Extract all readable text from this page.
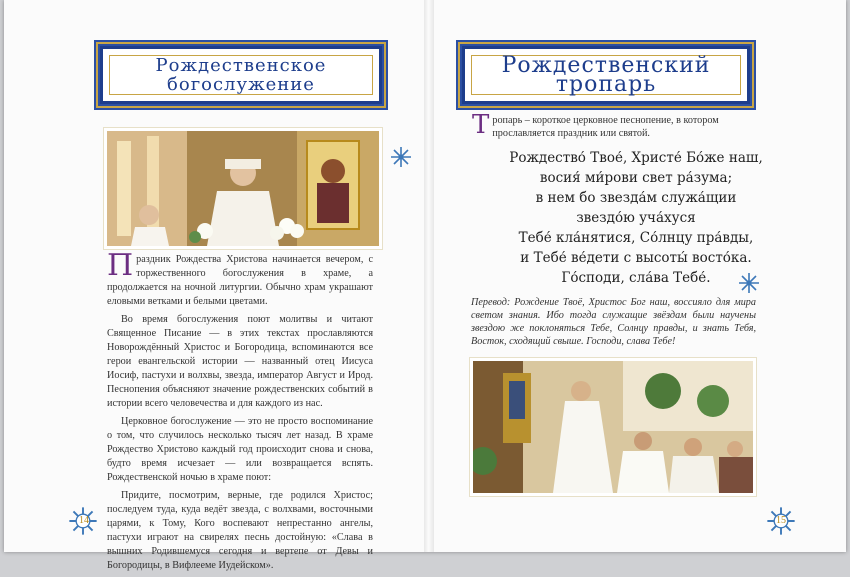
Рождественское
богослужение

Праздник Рождества Христова начинается вечером, с торжественного богослужения в храме, а продолжается на ночной литургии. Обычно храм украшают еловыми ветками и белыми цветами.

Во время богослужения поют молитвы и читают Священное Писание — в этих текстах прославляются Новорождённый Христос и Богородица, вспоминаются все герои евангельской истории — названный отец Иисуса Иосиф, пастухи и волхвы, звезда, император Август и Ирод. Песнопения объясняют значение рождественских событий в истории всего человечества и для каждого из нас.

Церковное богослужение — это не просто воспоминание о том, что случилось несколько тысяч лет назад. В храме Рождество Христово каждый год происходит снова и снова, будто время исчезает — или возвращается вспять. Рождественской ночью в храме поют:

Придите, посмотрим, верные, где родился Христос; последуем туда, куда ведёт звезда, с волхвами, восточными царями, к Тому, Кого воспевают непрестанно ангелы, пастухи играют на свирелях песнь достойную: «Слава в вышних Родившемуся сегодня и вертепе от Девы и Богородицы, в Вифлееме Иудейском».

14
Рождественский тропарь
Тропарь – короткое церковное песнопение, в котором прославляется праздник или святой.
Рождество́ Твое́, Христе́ Бо́же наш,
восия́ ми́рови свет ра́зума;
в нем бо звезда́м служа́щии
звездо́ю уча́хуся
Тебе́ кла́нятися, Со́лнцу пра́вды,
и Тебе́ ве́дети с высоты́ восто́ка.
Го́споди, сла́ва Тебе́.
Перевод: Рождение Твоё, Христос Бог наш, воссияло для мира светом знания. Ибо тогда служащие звёздам были научены звездою же поклоняться Тебе, Солнцу правды, и знать Тебя, Восток, сходящий свыше. Господи, слава Тебе!
15
